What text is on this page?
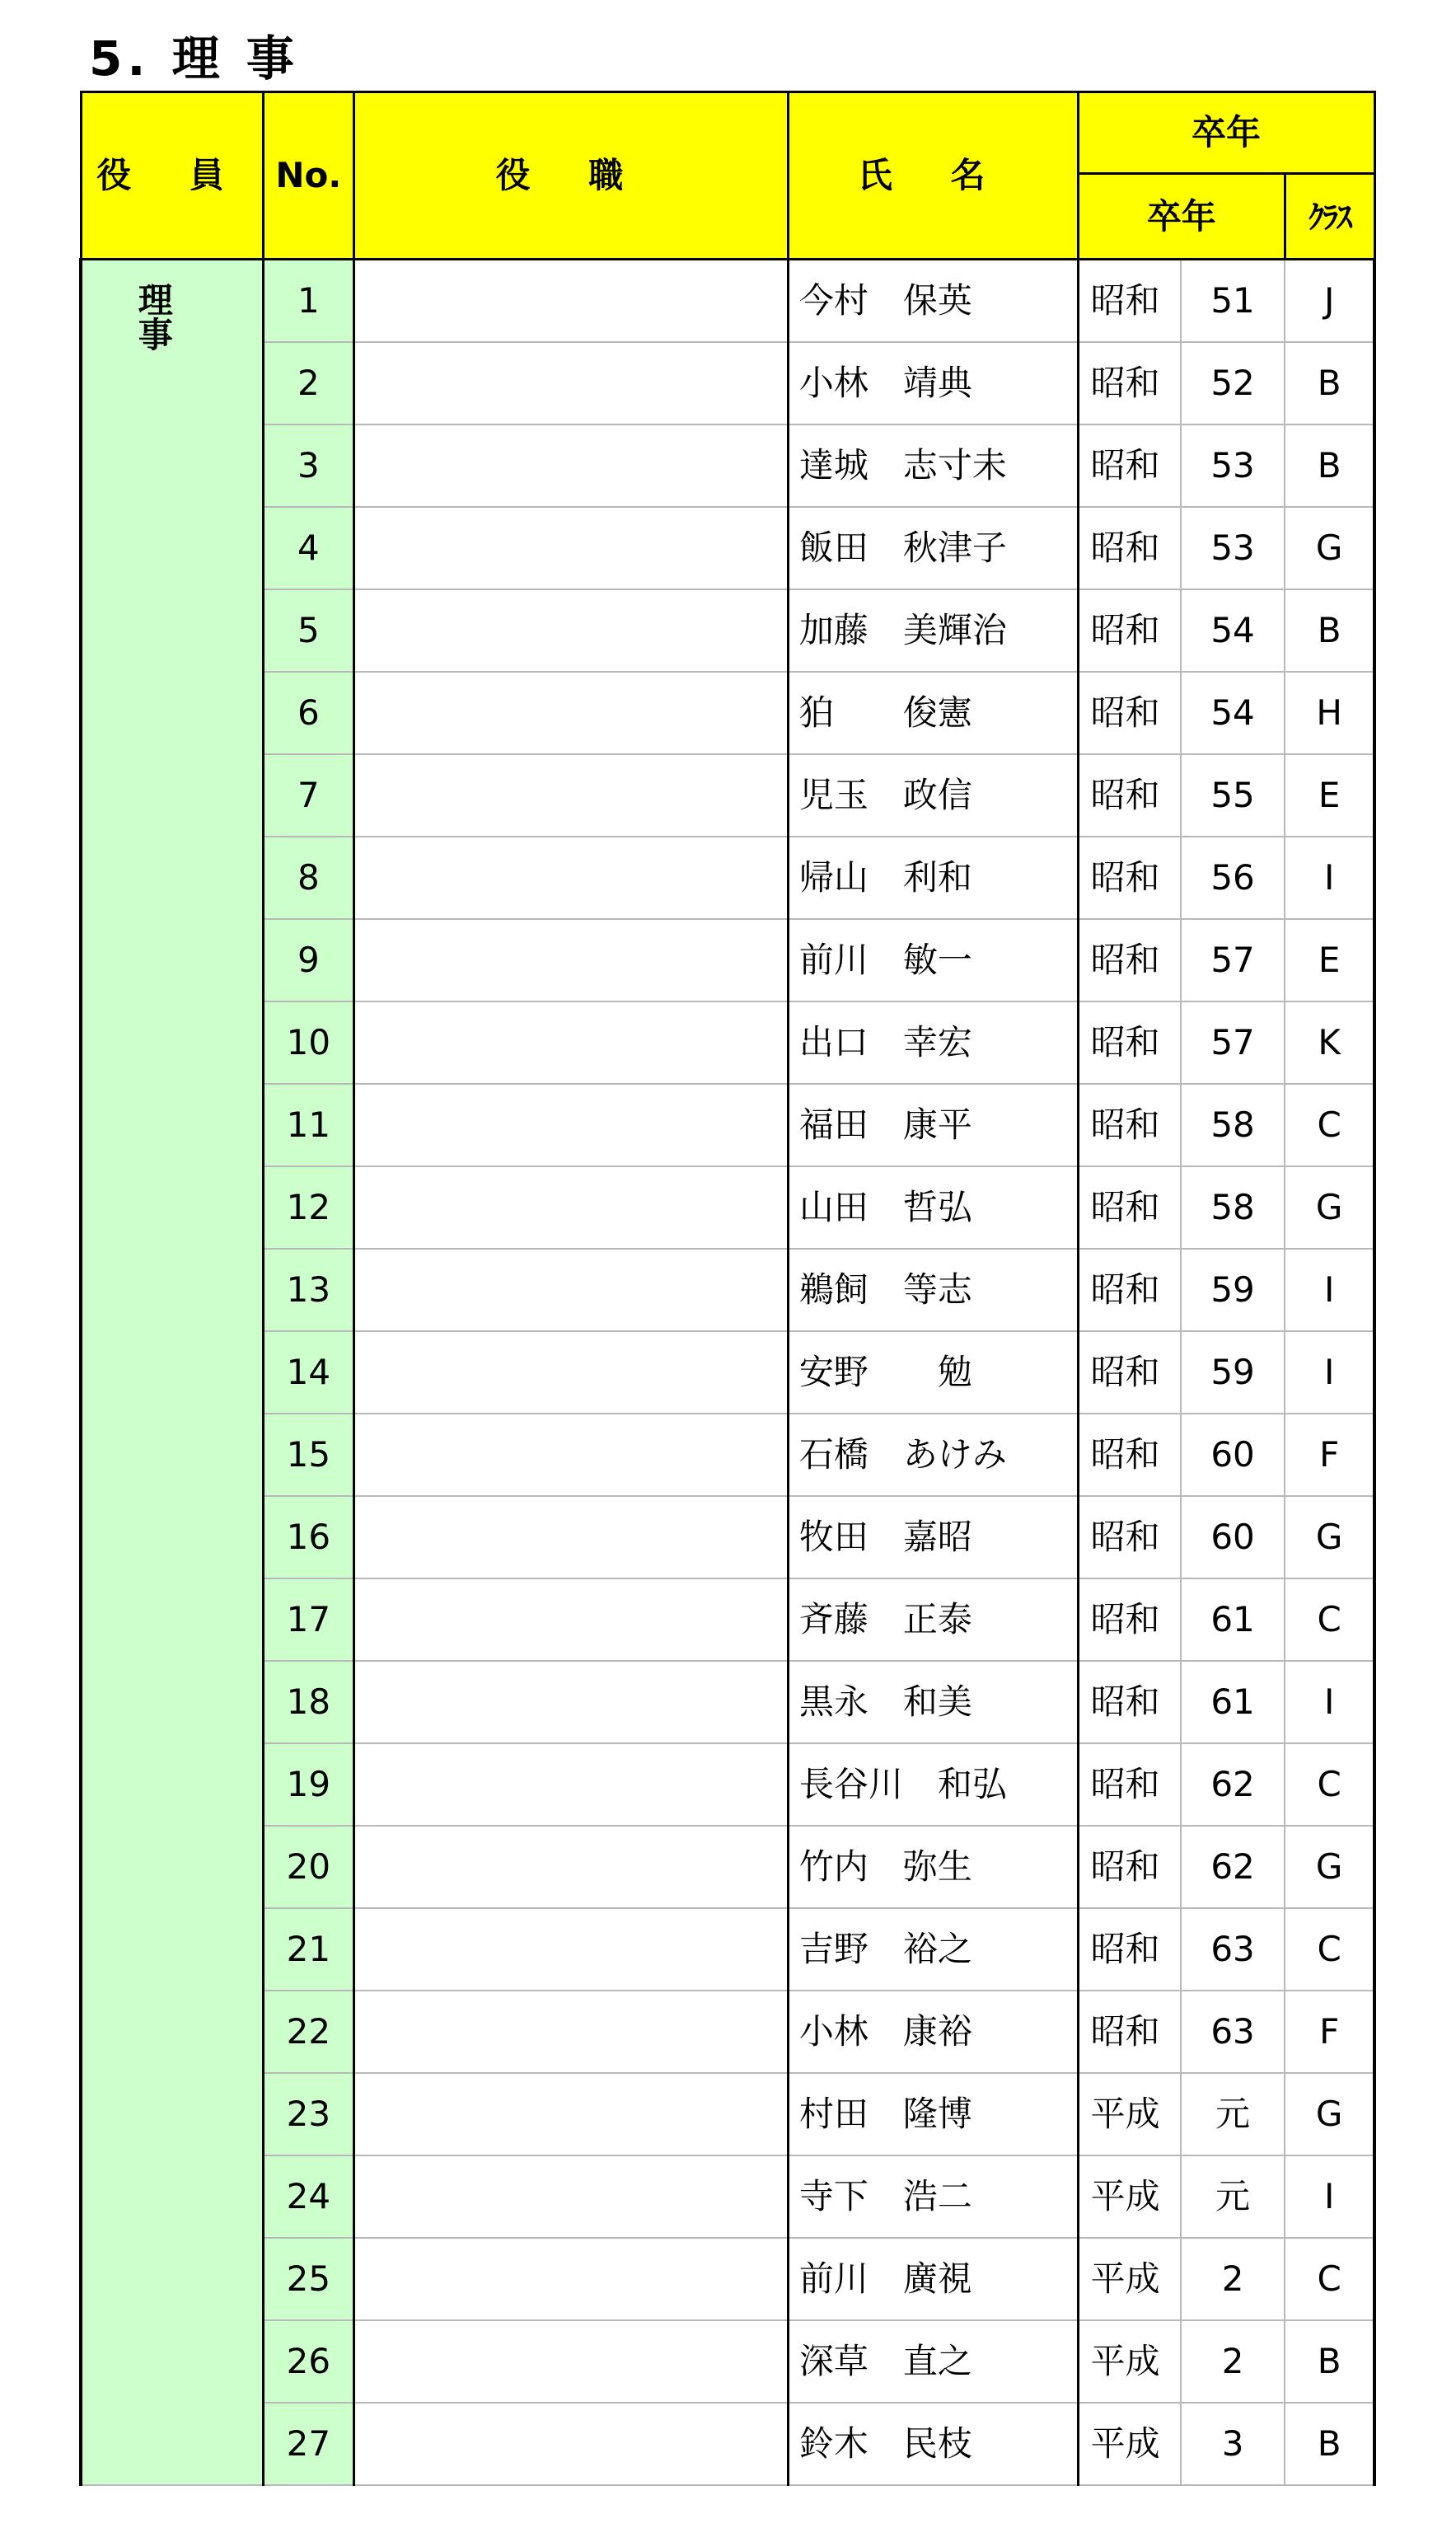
5. 理 事
役 員	No.	役 職	氏 名	卒年		
				卒年		ｸﾗｽ
理 事	1		今村　保英	昭和	51	J
	2		小林　靖典	昭和	52	B
	3		達城　志寸未	昭和	53	B
	4		飯田　秋津子	昭和	53	G
	5		加藤　美輝治	昭和	54	B
	6		狛　　俊憲	昭和	54	H
	7		児玉　政信	昭和	55	E
	8		帰山　利和	昭和	56	I
	9		前川　敏一	昭和	57	E
	10		出口　幸宏	昭和	57	K
	11		福田　康平	昭和	58	C
	12		山田　哲弘	昭和	58	G
	13		鵜飼　等志	昭和	59	I
	14		安野　　勉	昭和	59	I
	15		石橋　あけみ	昭和	60	F
	16		牧田　嘉昭	昭和	60	G
	17		斉藤　正泰	昭和	61	C
	18		黒永　和美	昭和	61	I
	19		長谷川　和弘	昭和	62	C
	20		竹内　弥生	昭和	62	G
	21		吉野　裕之	昭和	63	C
	22		小林　康裕	昭和	63	F
	23		村田　隆博	平成	元	G
	24		寺下　浩二	平成	元	I
	25		前川　廣視	平成	2	C
	26		深草　直之	平成	2	B
	27		鈴木　民枝	平成	3	B
